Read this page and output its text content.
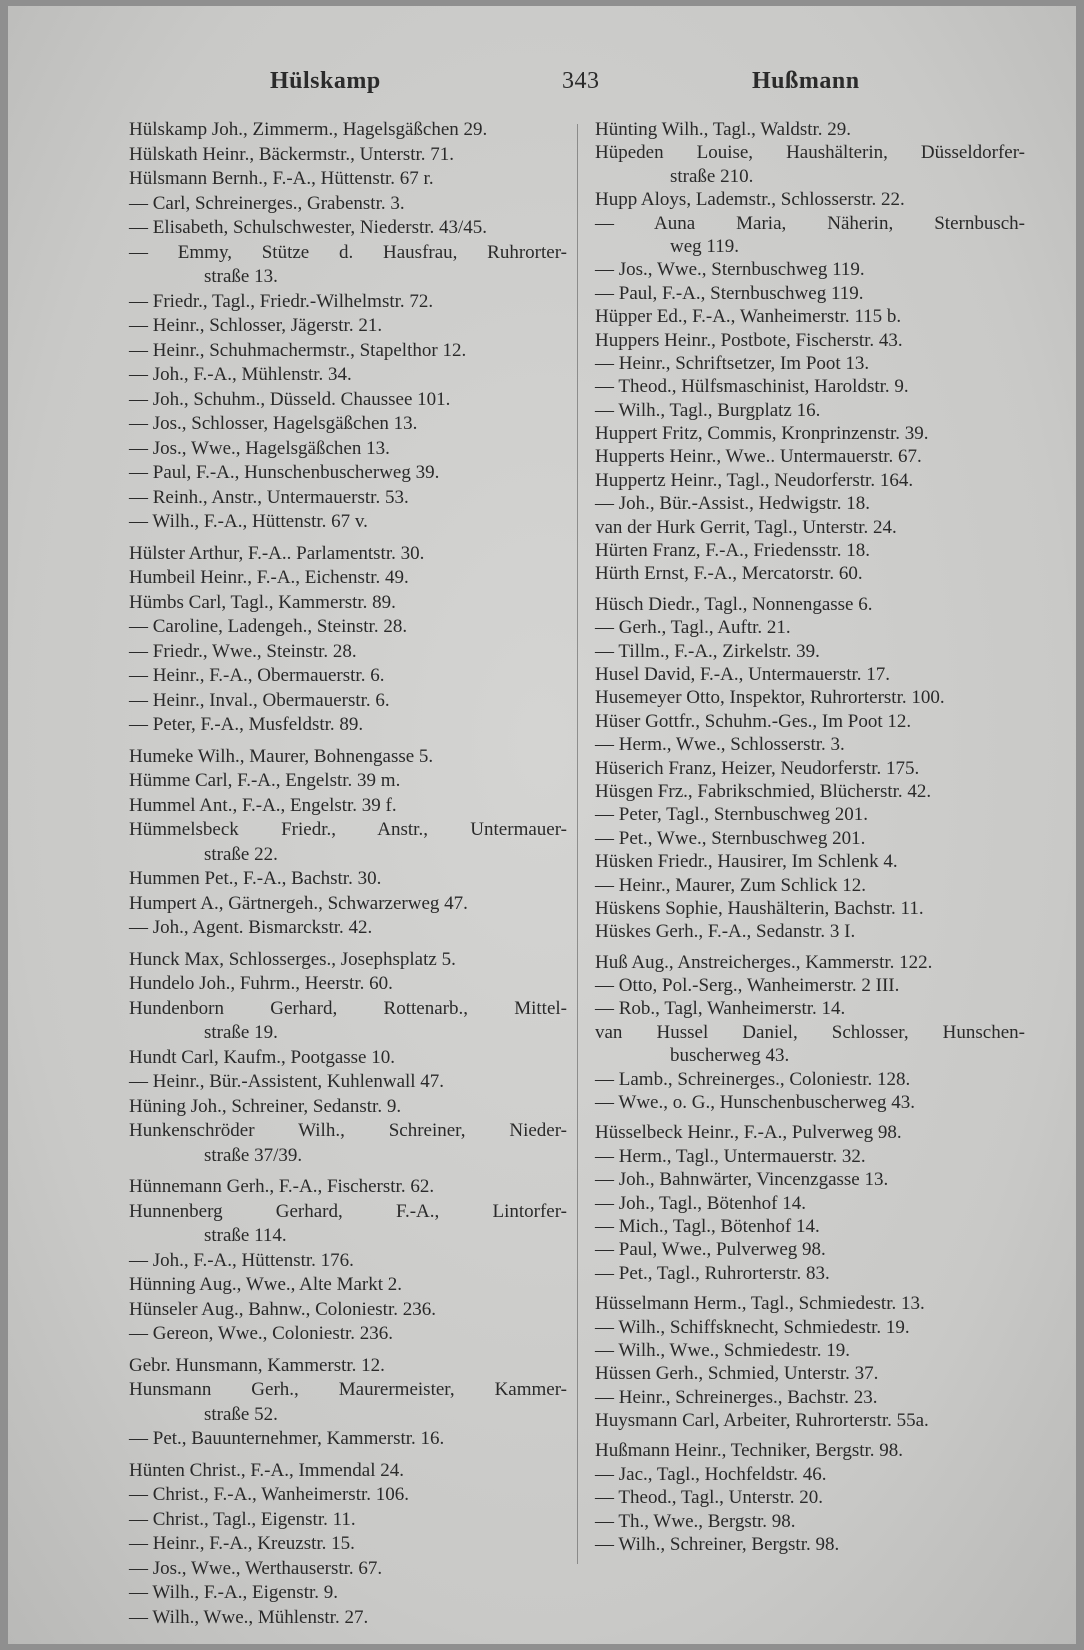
Hülskamp	343	Hußmann
Hülskamp Joh., Zimmerm., Hagelsgäßchen 29.
Hülskath Heinr., Bäckermstr., Unterstr. 71.
Hülsmann Bernh., F.-A., Hüttenstr. 67 r.
— Carl, Schreinerges., Grabenstr. 3.
— Elisabeth, Schulschwester, Niederstr. 43/45.
— Emmy, Stütze d. Hausfrau, Ruhrorter-
straße 13.
— Friedr., Tagl., Friedr.-Wilhelmstr. 72.
— Heinr., Schlosser, Jägerstr. 21.
— Heinr., Schuhmachermstr., Stapelthor 12.
— Joh., F.-A., Mühlenstr. 34.
— Joh., Schuhm., Düsseld. Chaussee 101.
— Jos., Schlosser, Hagelsgäßchen 13.
— Jos., Wwe., Hagelsgäßchen 13.
— Paul, F.-A., Hunschenbuscherweg 39.
— Reinh., Anstr., Untermauerstr. 53.
— Wilh., F.-A., Hüttenstr. 67 v.
Hülster Arthur, F.-A.. Parlamentstr. 30.
Humbeil Heinr., F.-A., Eichenstr. 49.
Hümbs Carl, Tagl., Kammerstr. 89.
— Caroline, Ladengeh., Steinstr. 28.
— Friedr., Wwe., Steinstr. 28.
— Heinr., F.-A., Obermauerstr. 6.
— Heinr., Inval., Obermauerstr. 6.
— Peter, F.-A., Musfeldstr. 89.
Humeke Wilh., Maurer, Bohnengasse 5.
Hümme Carl, F.-A., Engelstr. 39 m.
Hummel Ant., F.-A., Engelstr. 39 f.
Hümmelsbeck Friedr., Anstr., Untermauer-
straße 22.
Hummen Pet., F.-A., Bachstr. 30.
Humpert A., Gärtnergeh., Schwarzerweg 47.
— Joh., Agent. Bismarckstr. 42.
Hunck Max, Schlosserges., Josephsplatz 5.
Hundelo Joh., Fuhrm., Heerstr. 60.
Hundenborn Gerhard, Rottenarb., Mittel-
straße 19.
Hundt Carl, Kaufm., Pootgasse 10.
— Heinr., Bür.-Assistent, Kuhlenwall 47.
Hüning Joh., Schreiner, Sedanstr. 9.
Hunkenschröder Wilh., Schreiner, Nieder-
straße 37/39.
Hünnemann Gerh., F.-A., Fischerstr. 62.
Hunnenberg Gerhard, F.-A., Lintorfer-
straße 114.
— Joh., F.-A., Hüttenstr. 176.
Hünning Aug., Wwe., Alte Markt 2.
Hünseler Aug., Bahnw., Coloniestr. 236.
— Gereon, Wwe., Coloniestr. 236.
Gebr. Hunsmann, Kammerstr. 12.
Hunsmann Gerh., Maurermeister, Kammer-
straße 52.
— Pet., Bauunternehmer, Kammerstr. 16.
Hünten Christ., F.-A., Immendal 24.
— Christ., F.-A., Wanheimerstr. 106.
— Christ., Tagl., Eigenstr. 11.
— Heinr., F.-A., Kreuzstr. 15.
— Jos., Wwe., Werthauserstr. 67.
— Wilh., F.-A., Eigenstr. 9.
— Wilh., Wwe., Mühlenstr. 27.
Hünting Wilh., Tagl., Waldstr. 29.
Hüpeden Louise, Haushälterin, Düsseldorfer-
straße 210.
Hupp Aloys, Lademstr., Schlosserstr. 22.
— Auna Maria, Näherin, Sternbusch-
weg 119.
— Jos., Wwe., Sternbuschweg 119.
— Paul, F.-A., Sternbuschweg 119.
Hüpper Ed., F.-A., Wanheimerstr. 115 b.
Huppers Heinr., Postbote, Fischerstr. 43.
— Heinr., Schriftsetzer, Im Poot 13.
— Theod., Hülfsmaschinist, Haroldstr. 9.
— Wilh., Tagl., Burgplatz 16.
Huppert Fritz, Commis, Kronprinzenstr. 39.
Hupperts Heinr., Wwe.. Untermauerstr. 67.
Huppertz Heinr., Tagl., Neudorferstr. 164.
— Joh., Bür.-Assist., Hedwigstr. 18.
van der Hurk Gerrit, Tagl., Unterstr. 24.
Hürten Franz, F.-A., Friedensstr. 18.
Hürth Ernst, F.-A., Mercatorstr. 60.
Hüsch Diedr., Tagl., Nonnengasse 6.
— Gerh., Tagl., Auftr. 21.
— Tillm., F.-A., Zirkelstr. 39.
Husel David, F.-A., Untermauerstr. 17.
Husemeyer Otto, Inspektor, Ruhrorterstr. 100.
Hüser Gottfr., Schuhm.-Ges., Im Poot 12.
— Herm., Wwe., Schlosserstr. 3.
Hüserich Franz, Heizer, Neudorferstr. 175.
Hüsgen Frz., Fabrikschmied, Blücherstr. 42.
— Peter, Tagl., Sternbuschweg 201.
— Pet., Wwe., Sternbuschweg 201.
Hüsken Friedr., Hausirer, Im Schlenk 4.
— Heinr., Maurer, Zum Schlick 12.
Hüskens Sophie, Haushälterin, Bachstr. 11.
Hüskes Gerh., F.-A., Sedanstr. 3 I.
Huß Aug., Anstreicherges., Kammerstr. 122.
— Otto, Pol.-Serg., Wanheimerstr. 2 III.
— Rob., Tagl, Wanheimerstr. 14.
van Hussel Daniel, Schlosser, Hunschen-
buscherweg 43.
— Lamb., Schreinerges., Coloniestr. 128.
— Wwe., o. G., Hunschenbuscherweg 43.
Hüsselbeck Heinr., F.-A., Pulverweg 98.
— Herm., Tagl., Untermauerstr. 32.
— Joh., Bahnwärter, Vincenzgasse 13.
— Joh., Tagl., Bötenhof 14.
— Mich., Tagl., Bötenhof 14.
— Paul, Wwe., Pulverweg 98.
— Pet., Tagl., Ruhrorterstr. 83.
Hüsselmann Herm., Tagl., Schmiedestr. 13.
— Wilh., Schiffsknecht, Schmiedestr. 19.
— Wilh., Wwe., Schmiedestr. 19.
Hüssen Gerh., Schmied, Unterstr. 37.
— Heinr., Schreinerges., Bachstr. 23.
Huysmann Carl, Arbeiter, Ruhrorterstr. 55a.
Hußmann Heinr., Techniker, Bergstr. 98.
— Jac., Tagl., Hochfeldstr. 46.
— Theod., Tagl., Unterstr. 20.
— Th., Wwe., Bergstr. 98.
— Wilh., Schreiner, Bergstr. 98.
